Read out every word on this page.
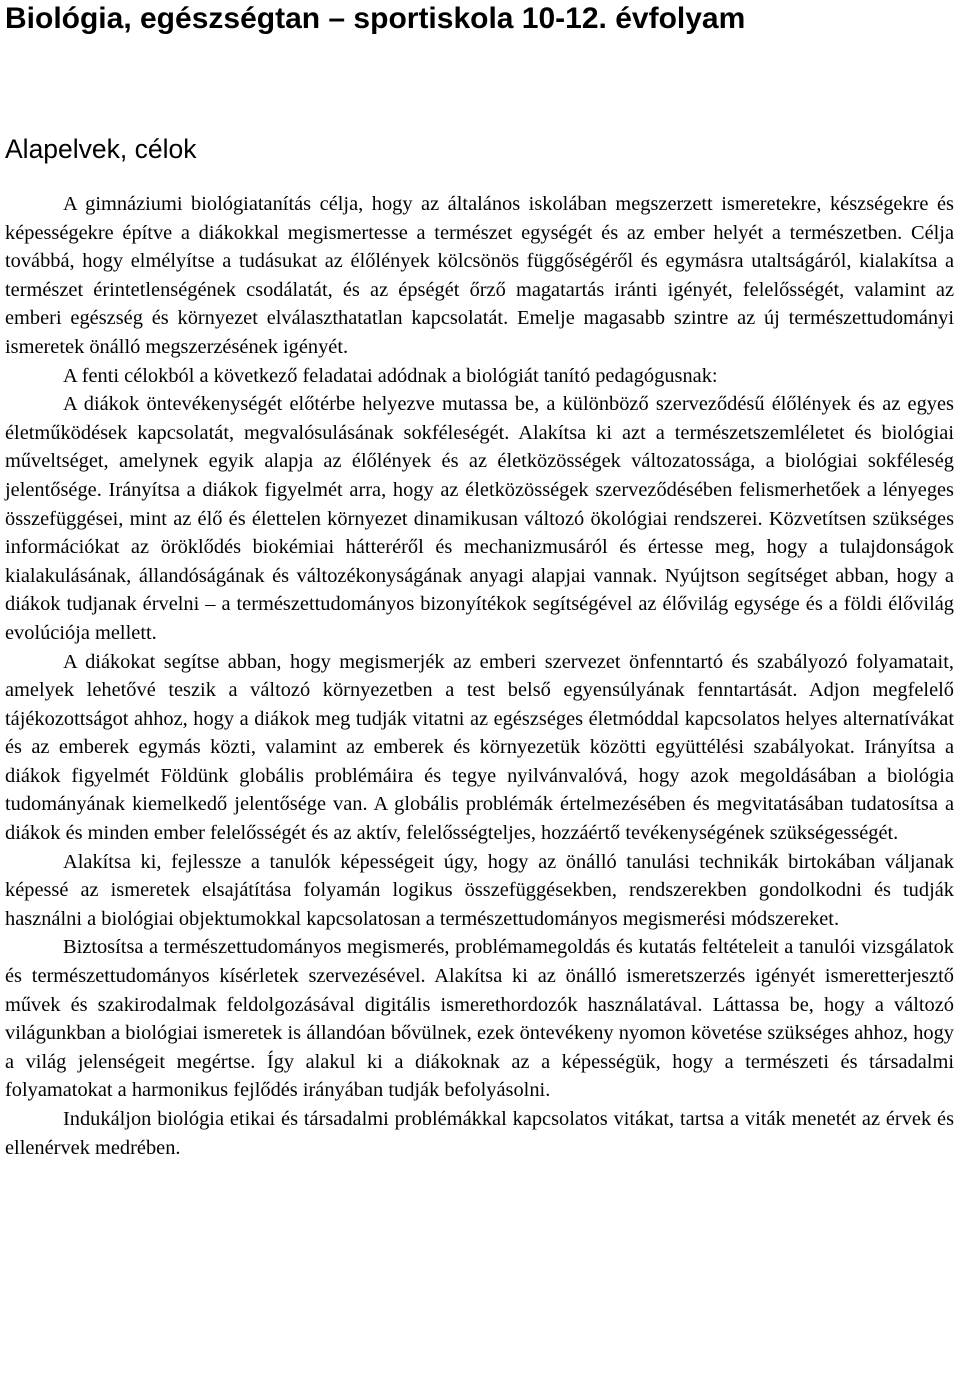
Biológia, egészségtan – sportiskola 10-12. évfolyam
Alapelvek, célok

A gimnáziumi biológiatanítás célja, hogy az általános iskolában megszerzett ismeretekre, készségekre és képességekre építve a diákokkal megismertesse a természet egységét és az ember helyét a természetben. Célja továbbá, hogy elmélyítse a tudásukat az élőlények kölcsönös függőségéről és egymásra utaltságáról, kialakítsa a természet érintetlenségének csodálatát, és az épségét őrző magatartás iránti igényét, felelősségét, valamint az emberi egészség és környezet elválaszthatatlan kapcsolatát. Emelje magasabb szintre az új természettudományi ismeretek önálló megszerzésének igényét.

A fenti célokból a következő feladatai adódnak a biológiát tanító pedagógusnak:

A diákok öntevékenységét előtérbe helyezve mutassa be, a különböző szerveződésű élőlények és az egyes életműködések kapcsolatát, megvalósulásának sokféleségét. Alakítsa ki azt a természetszemléletet és biológiai műveltséget, amelynek egyik alapja az élőlények és az életközösségek változatossága, a biológiai sokféleség jelentősége. Irányítsa a diákok figyelmét arra, hogy az életközösségek szerveződésében felismerhetőek a lényeges összefüggései, mint az élő és élettelen környezet dinamikusan változó ökológiai rendszerei. Közvetítsen szükséges információkat az öröklődés biokémiai hátteréről és mechanizmusáról és értesse meg, hogy a tulajdonságok kialakulásának, állandóságának és változékonyságának anyagi alapjai vannak. Nyújtson segítséget abban, hogy a diákok tudjanak érvelni – a természettudományos bizonyítékok segítségével az élővilág egysége és a földi élővilág evolúciója mellett.

A diákokat segítse abban, hogy megismerjék az emberi szervezet önfenntartó és szabályozó folyamatait, amelyek lehetővé teszik a változó környezetben a test belső egyensúlyának fenntartását. Adjon megfelelő tájékozottságot ahhoz, hogy a diákok meg tudják vitatni az egészséges életmóddal kapcsolatos helyes alternatívákat és az emberek egymás közti, valamint az emberek és környezetük közötti együttélési szabályokat. Irányítsa a diákok figyelmét Földünk globális problémáira és tegye nyilvánvalóvá, hogy azok megoldásában a biológia tudományának kiemelkedő jelentősége van. A globális problémák értelmezésében és megvitatásában tudatosítsa a diákok és minden ember felelősségét és az aktív, felelősségteljes, hozzáértő tevékenységének szükségességét.

Alakítsa ki, fejlessze a tanulók képességeit úgy, hogy az önálló tanulási technikák birtokában váljanak képessé az ismeretek elsajátítása folyamán logikus összefüggésekben, rendszerekben gondolkodni és tudják használni a biológiai objektumokkal kapcsolatosan a természettudományos megismerési módszereket.

Biztosítsa a természettudományos megismerés, problémamegoldás és kutatás feltételeit a tanulói vizsgálatok és természettudományos kísérletek szervezésével. Alakítsa ki az önálló ismeretszerzés igényét ismeretterjesztő művek és szakirodalmak feldolgozásával digitális ismerethordozók használatával. Láttassa be, hogy a változó világunkban a biológiai ismeretek is állandóan bővülnek, ezek öntevékeny nyomon követése szükséges ahhoz, hogy a világ jelenségeit megértse. Így alakul ki a diákoknak az a képességük, hogy a természeti és társadalmi folyamatokat a harmonikus fejlődés irányában tudják befolyásolni.

Indukáljon biológia etikai és társadalmi problémákkal kapcsolatos vitákat, tartsa a viták menetét az érvek és ellenérvek medrében.
